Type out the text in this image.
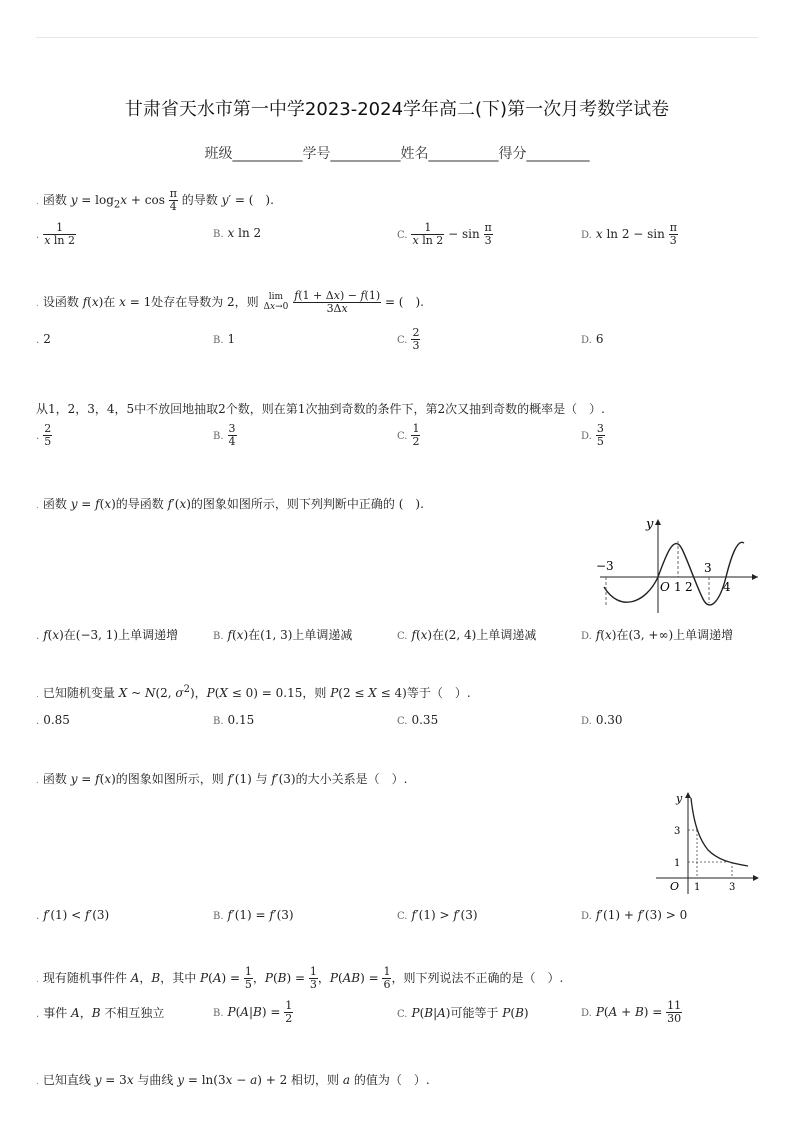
甘肃省天水市第一中学2023-2024学年高二(下)第一次月考数学试卷
班级__________学号__________姓名__________得分_________
. 函数 $y = \log_2x + \cos \frac{\pi}{4}$ 的导数 y′ = (　).
. $\frac{1}{\text{x ln 2}}$	B. x ln 2	C. $\frac{1}{\text{x ln 2}} - \sin \frac{\pi}{3}$	D. x $\ln 2 - \sin \frac{\pi}{3}$
. 设函数 f(x)在 x = 1处存在导数为 2，则 lim
Δx→0
$\frac{f(1 + \Delta x) - f(1)}{3\Delta x}$ = (　).
. 2	B. 1	C. $\frac{2}{3}$	D. 6
从1，2，3，4，5中不放回地抽取2个数，则在第1次抽到奇数的条件下，第2次又抽到奇数的概率是（　）.
. $\frac{2}{5}$	B. $\frac{3}{4}$	C. $\frac{1}{2}$	D. $\frac{3}{5}$
. 函数 y = f(x)的导函数 f′(x)的图象如图所示，则下列判断中正确的 (　).
y
−3
O 1 2
3
4
. f(x)在(−3, 1)上单调递增	B. f(x)在(1, 3)上单调递减	C. f(x)在(2, 4)上单调递减	D. f(x)在(3, +∞)上单调递增
. 已知随机变量 X ~ N(2, $\sigma^2$)，P(X ≤ 0) = 0.15，则 P(2 ≤ X ≤ 4)等于（　）.
. 0.85	B. 0.15	C. 0.35	D. 0.30
. 函数 y = f(x)的图象如图所示，则 f′(1) 与 f′(3)的大小关系是（　）.
y
3
1
O 1	3
. f′(1) < f′(3)	B. f′(1) = f′(3)	C. f′(1) > f′(3)	D. f′(1) + f′(3) > 0
. 现有随机事件件 A，B，其中 $P(A) = \frac{1}{5}$ ，$P(B) = \frac{1}{3}$ ，$P(AB) = \frac{1}{6}$ ，则下列说法不正确的是（　）.
. 事件 A，B 不相互独立	B. $P(A|B) = \frac{1}{2}$	C. P(B|A)可能等于 P(B)	D. $P(A + B) = \frac{11}{30}$
. 已知直线 y = 3x 与曲线 y = ln(3x − a) + 2 相切，则 a 的值为（　）.
